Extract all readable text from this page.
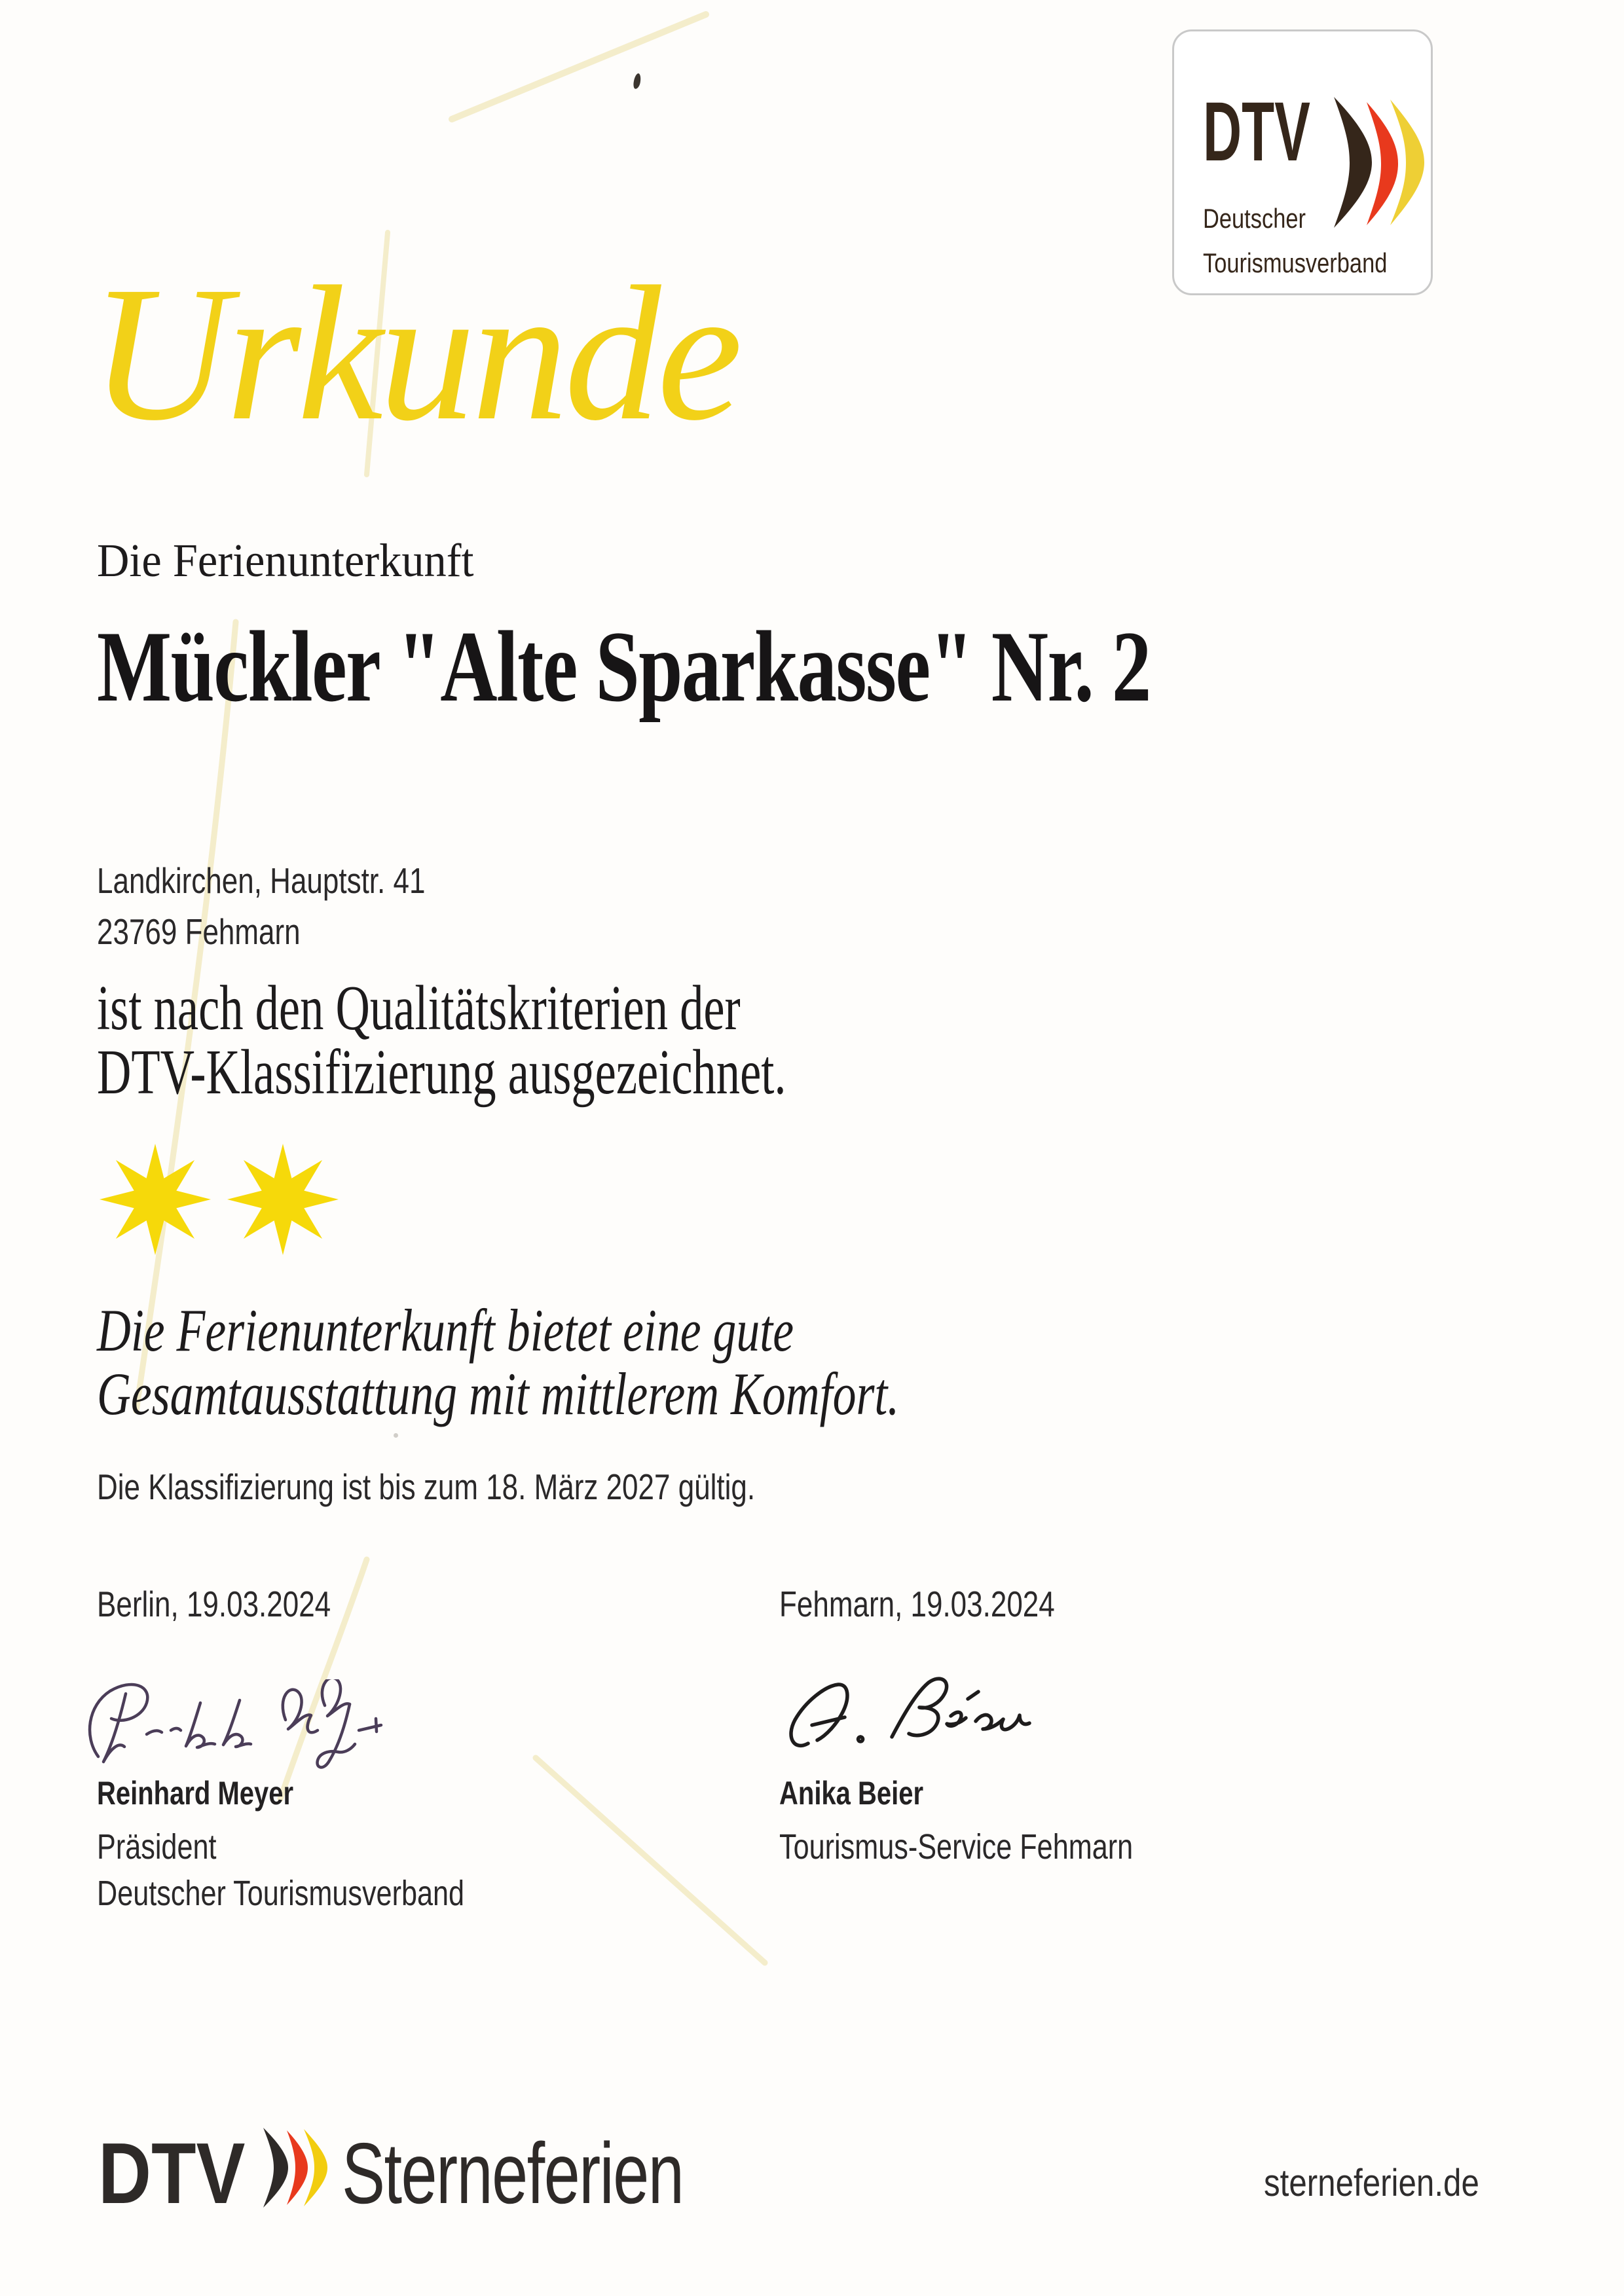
DTV
Deutscher
Tourismusverband
Urkunde
Die Ferienunterkunft
Mückler "Alte Sparkasse" Nr. 2
Landkirchen, Hauptstr. 41
23769 Fehmarn
ist nach den Qualitätskriterien der
DTV-Klassifizierung ausgezeichnet.
Die Ferienunterkunft bietet eine gute
Gesamtausstattung mit mittlerem Komfort.
Die Klassifizierung ist bis zum 18. März 2027 gültig.
Berlin, 19.03.2024	Fehmarn, 19.03.2024
Reinhard Meyer
Präsident
Deutscher Tourismusverband
Anika Beier
Tourismus-Service Fehmarn
DTV Sterneferien	sterneferien.de
